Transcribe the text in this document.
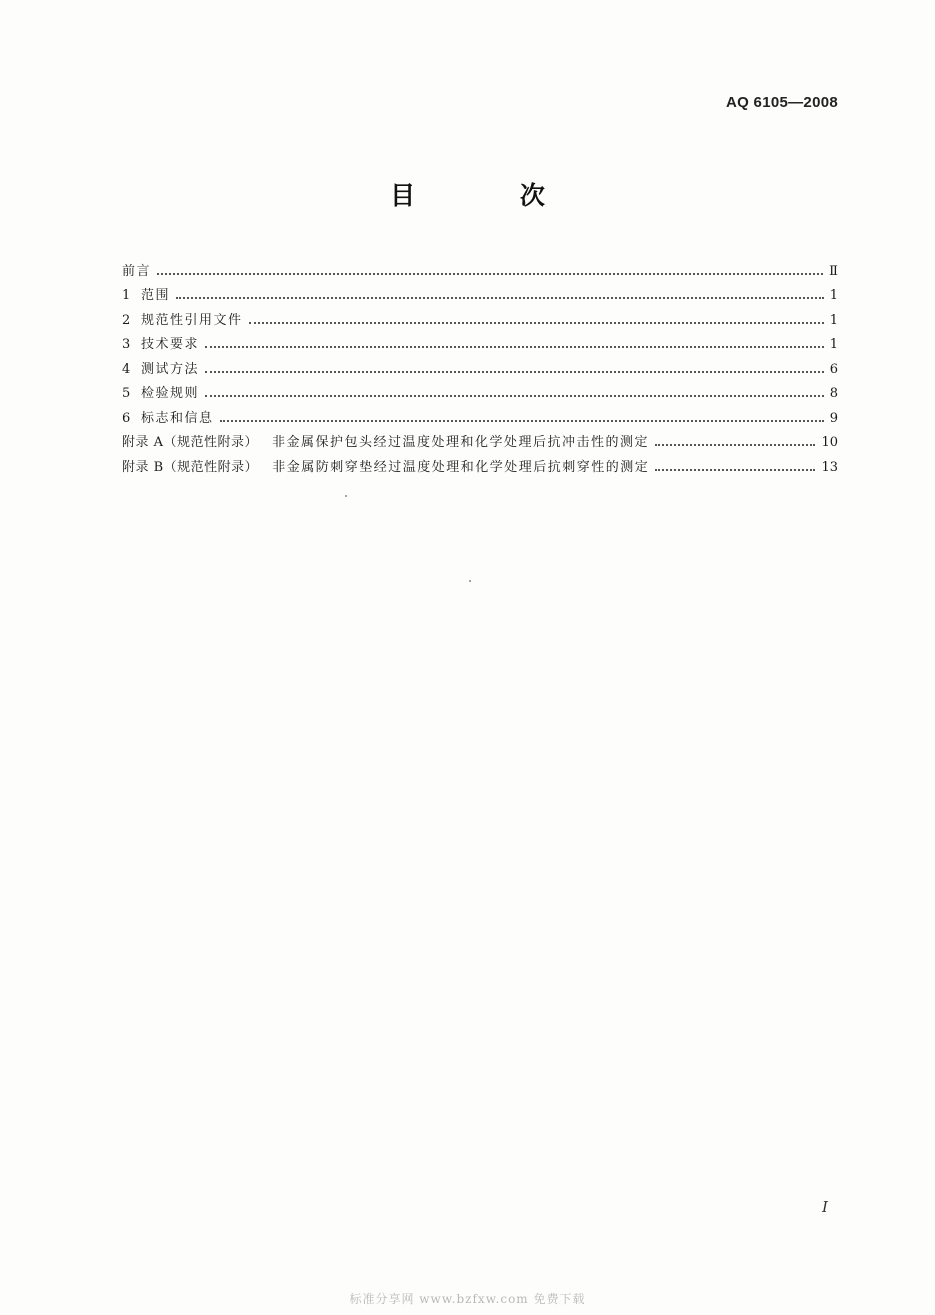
AQ 6105—2008
目 次
前言	Ⅱ
1 范围	1
2 规范性引用文件	1
3 技术要求	1
4 测试方法	6
5 检验规则	8
6 标志和信息	9
附录 A（规范性附录） 非金属保护包头经过温度处理和化学处理后抗冲击性的测定	10
附录 B（规范性附录） 非金属防刺穿垫经过温度处理和化学处理后抗刺穿性的测定	13
Ⅰ
标准分享网 www.bzfxw.com 免费下载
